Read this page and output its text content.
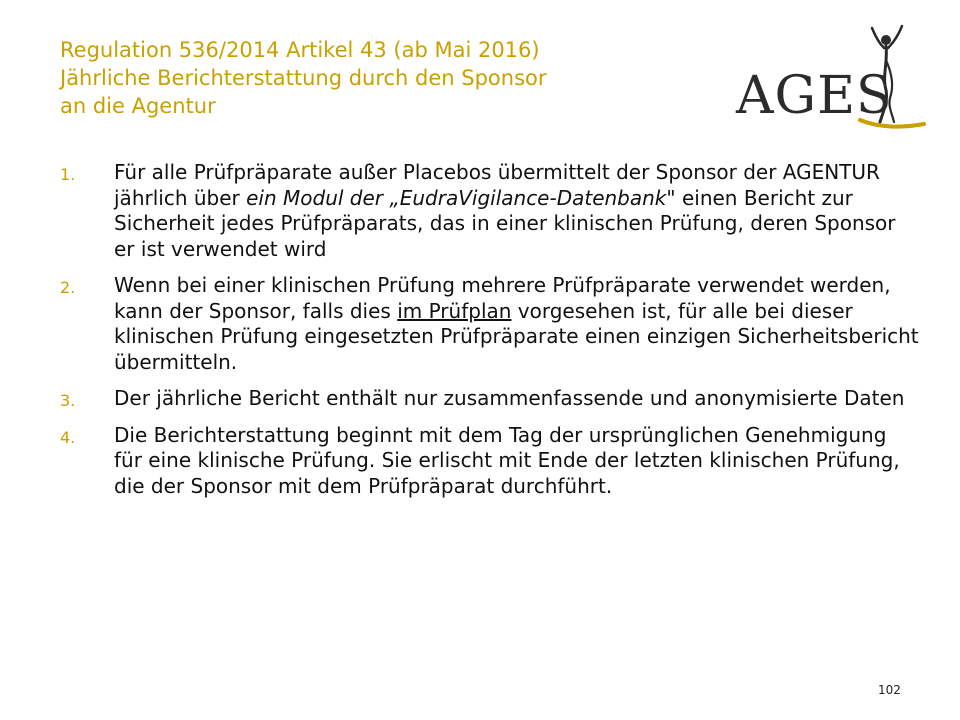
Regulation 536/2014 Artikel 43 (ab Mai 2016)
Jährliche Berichterstattung durch den Sponsor
an die Agentur	AGES
1. Für alle Prüfpräparate außer Placebos übermittelt der Sponsor der AGENTUR jährlich über ein Modul der „EudraVigilance-Datenbank" einen Bericht zur Sicherheit jedes Prüfpräparats, das in einer klinischen Prüfung, deren Sponsor er ist verwendet wird
2. Wenn bei einer klinischen Prüfung mehrere Prüfpräparate verwendet werden, kann der Sponsor, falls dies im Prüfplan vorgesehen ist, für alle bei dieser klinischen Prüfung eingesetzten Prüfpräparate einen einzigen Sicherheitsbericht übermitteln.
3. Der jährliche Bericht enthält nur zusammenfassende und anonymisierte Daten
4. Die Berichterstattung beginnt mit dem Tag der ursprünglichen Genehmigung für eine klinische Prüfung. Sie erlischt mit Ende der letzten klinischen Prüfung, die der Sponsor mit dem Prüfpräparat durchführt.
102
